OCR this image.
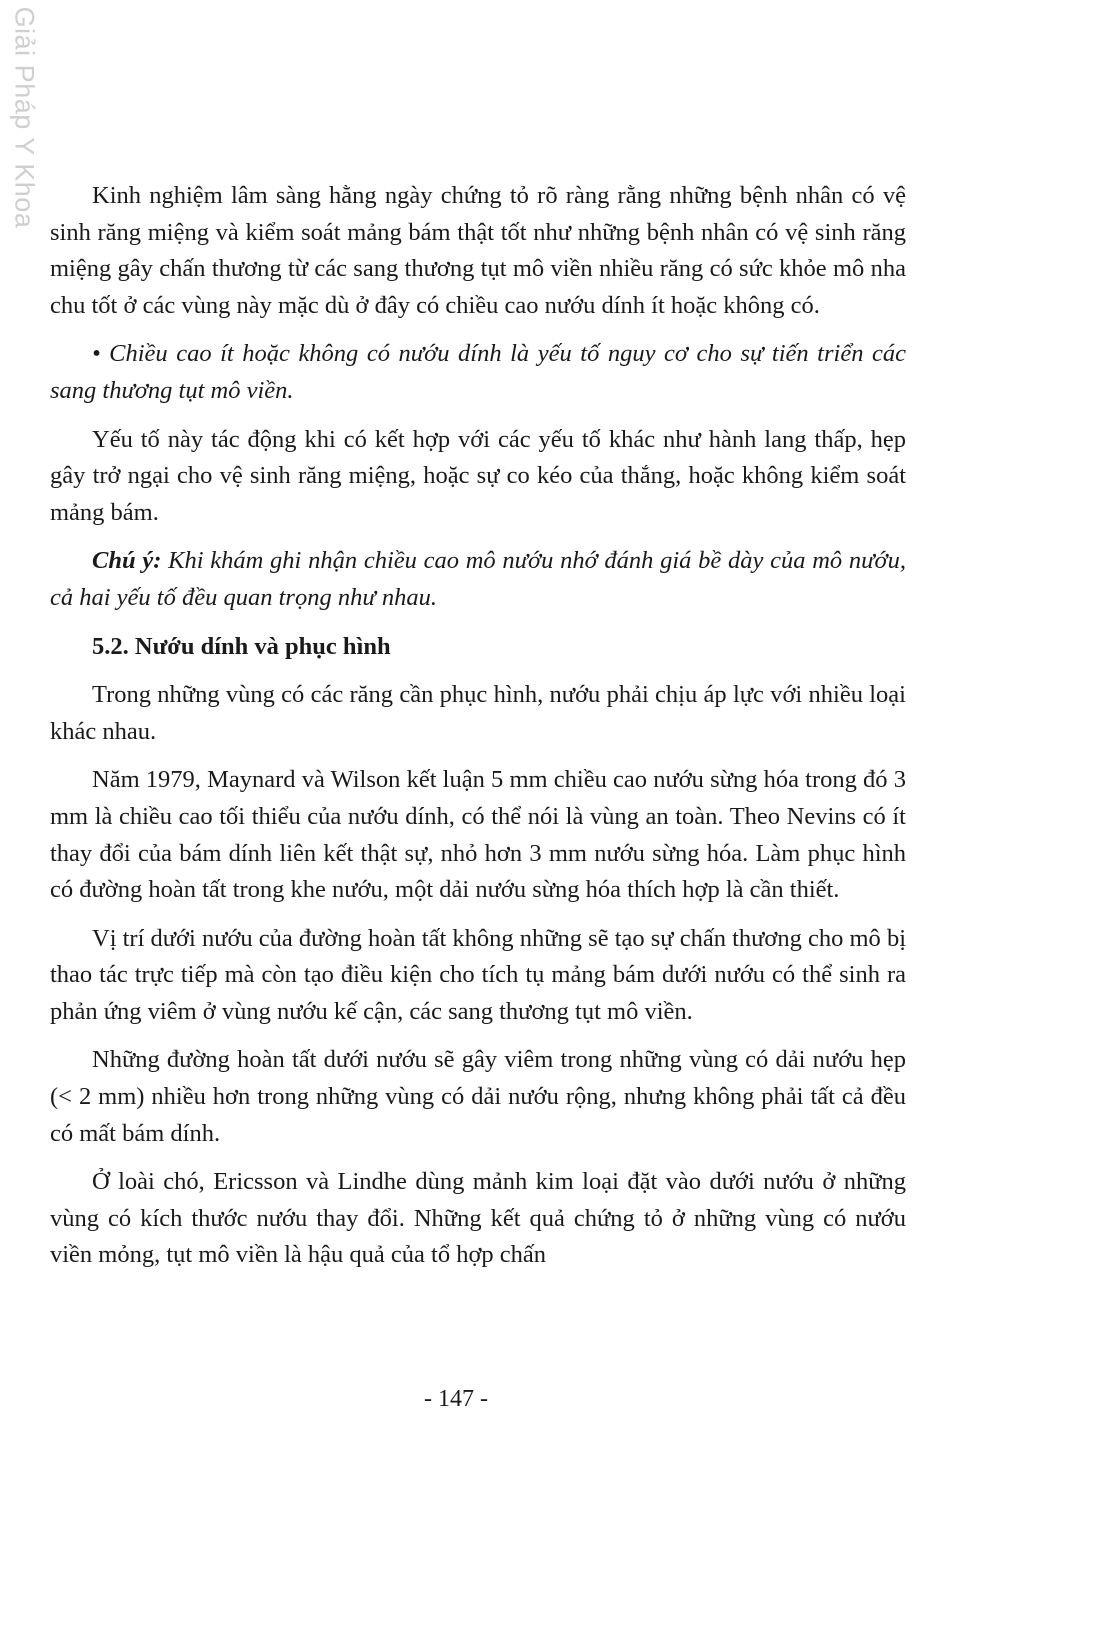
Giải Pháp Y Khoa	Kinh nghiệm lâm sàng hằng ngày chứng tỏ rõ ràng rằng những bệnh nhân có vệ sinh răng miệng và kiểm soát mảng bám thật tốt như những bệnh nhân có vệ sinh răng miệng gây chấn thương từ các sang thương tụt mô viền nhiều răng có sức khỏe mô nha chu tốt ở các vùng này mặc dù ở đây có chiều cao nướu dính ít hoặc không có.

• Chiều cao ít hoặc không có nướu dính là yếu tố nguy cơ cho sự tiến triển các sang thương tụt mô viền.

Yếu tố này tác động khi có kết hợp với các yếu tố khác như hành lang thấp, hẹp gây trở ngại cho vệ sinh răng miệng, hoặc sự co kéo của thắng, hoặc không kiểm soát mảng bám.

Chú ý: Khi khám ghi nhận chiều cao mô nướu nhớ đánh giá bề dày của mô nướu, cả hai yếu tố đều quan trọng như nhau.

5.2. Nướu dính và phục hình

Trong những vùng có các răng cần phục hình, nướu phải chịu áp lực với nhiều loại khác nhau.

Năm 1979, Maynard và Wilson kết luận 5 mm chiều cao nướu sừng hóa trong đó 3 mm là chiều cao tối thiểu của nướu dính, có thể nói là vùng an toàn. Theo Nevins có ít thay đổi của bám dính liên kết thật sự, nhỏ hơn 3 mm nướu sừng hóa. Làm phục hình có đường hoàn tất trong khe nướu, một dải nướu sừng hóa thích hợp là cần thiết.

Vị trí dưới nướu của đường hoàn tất không những sẽ tạo sự chấn thương cho mô bị thao tác trực tiếp mà còn tạo điều kiện cho tích tụ mảng bám dưới nướu có thể sinh ra phản ứng viêm ở vùng nướu kế cận, các sang thương tụt mô viền.

Những đường hoàn tất dưới nướu sẽ gây viêm trong những vùng có dải nướu hẹp (< 2 mm) nhiều hơn trong những vùng có dải nướu rộng, nhưng không phải tất cả đều có mất bám dính.

Ở loài chó, Ericsson và Lindhe dùng mảnh kim loại đặt vào dưới nướu ở những vùng có kích thước nướu thay đổi. Những kết quả chứng tỏ ở những vùng có nướu viền mỏng, tụt mô viền là hậu quả của tổ hợp chấn

- 147 -
